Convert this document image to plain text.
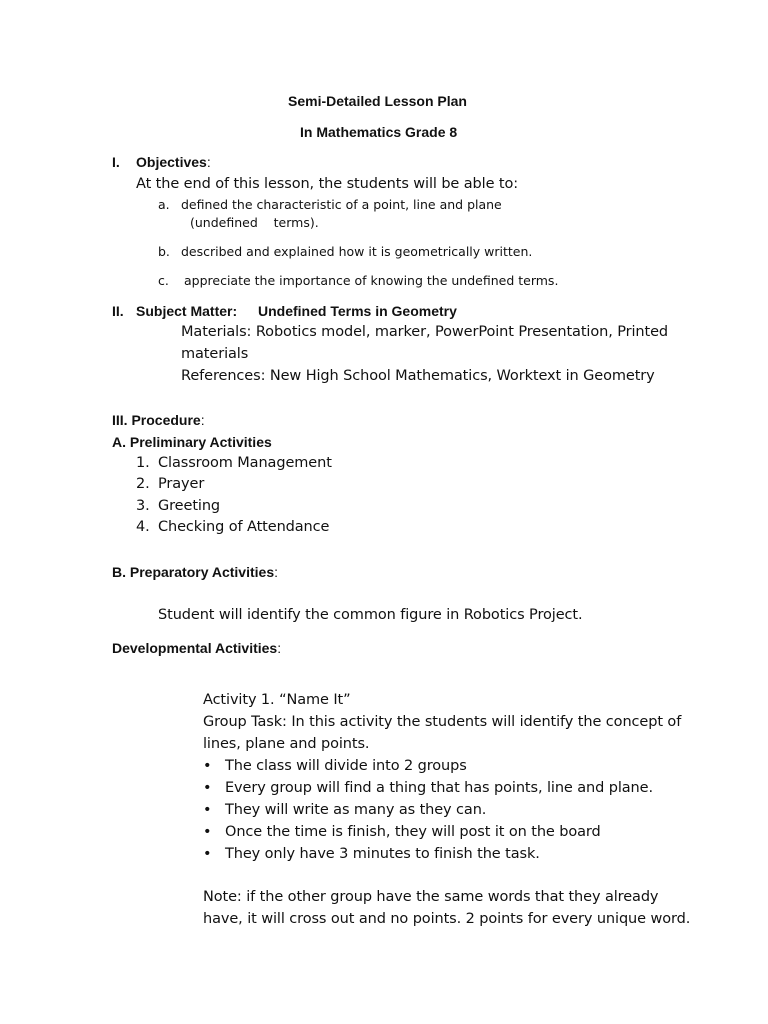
Semi-Detailed Lesson Plan
In Mathematics Grade 8
I. Objectives:
At the end of this lesson, the students will be able to:
a. defined the characteristic of a point, line and plane
(undefined    terms).
b. described and explained how it is geometrically written.
c. appreciate the importance of knowing the undefined terms.
II. Subject Matter: Undefined Terms in Geometry
Materials: Robotics model, marker, PowerPoint Presentation, Printed
materials
References: New High School Mathematics, Worktext in Geometry
III. Procedure:
A. Preliminary Activities
1. Classroom Management
2. Prayer
3. Greeting
4. Checking of Attendance
B. Preparatory Activities:
Student will identify the common figure in Robotics Project.
Developmental Activities:
Activity 1. “Name It”
Group Task: In this activity the students will identify the concept of
lines, plane and points.
• The class will divide into 2 groups
• Every group will find a thing that has points, line and plane.
• They will write as many as they can.
• Once the time is finish, they will post it on the board
• They only have 3 minutes to finish the task.
Note: if the other group have the same words that they already
have, it will cross out and no points. 2 points for every unique word.
